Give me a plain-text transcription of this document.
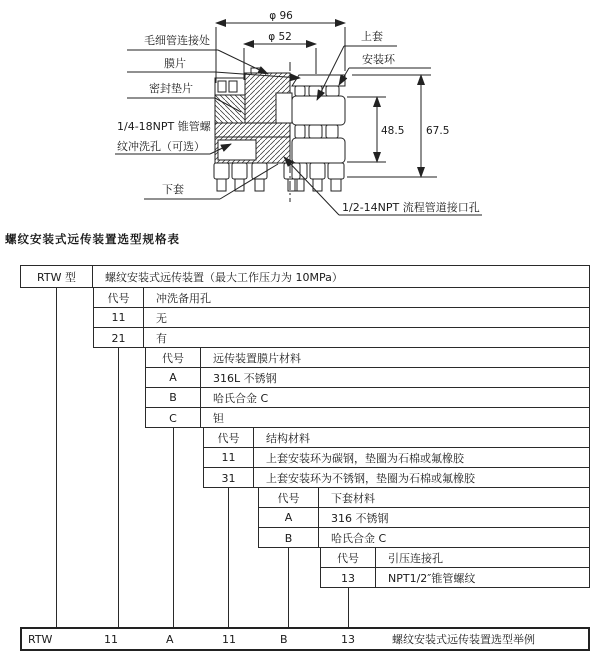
φ 96
φ 52
48.5 67.5
毛细管连接处
膜片
密封垫片
1/4-18NPT 锥管螺
纹冲洗孔（可选）
下套
上套
安装环
1/2-14NPT 流程管道接口孔
螺纹安装式远传装置选型规格表
RTW 型	螺纹安装式远传装置（最大工作压力为 10MPa）
代号	冲洗备用孔
11	无
21	有
代号	远传装置膜片材料
A	316L 不锈钢
B	哈氏合金 C
C	钽
代号	结构材料
11	上套安装环为碳钢，垫圈为石棉或氟橡胶
31	上套安装环为不锈钢，垫圈为石棉或氟橡胶
代号	下套材料
A	316 不锈钢
B	哈氏合金 C
代号	引压连接孔
13	NPT1/2″锥管螺纹
RTW	11	A	11	B	13	螺纹安装式远传装置选型举例
